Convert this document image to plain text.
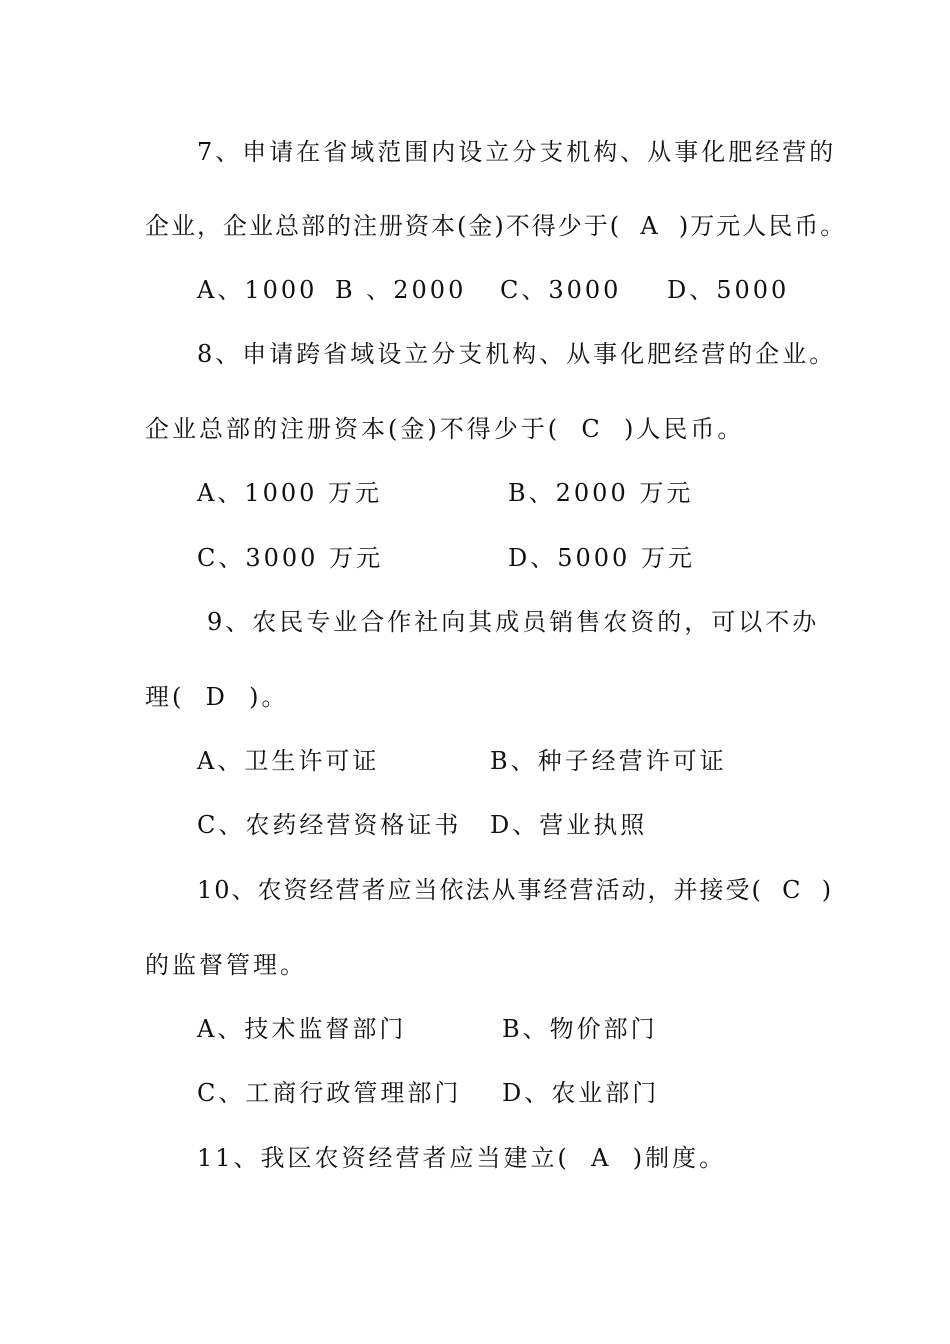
7、申请在省域范围内设立分支机构、从事化肥经营的
企业，企业总部的注册资本(金)不得少于(  A  )万元人民币。
A、1000 B 、2000 C、3000 D、5000
8、申请跨省域设立分支机构、从事化肥经营的企业。
企业总部的注册资本(金)不得少于(  C  )人民币。
A、1000 万元	B、2000 万元
C、3000 万元	D、5000 万元
9、农民专业合作社向其成员销售农资的，可以不办
理(  D  )。
A、卫生许可证	B、种子经营许可证
C、农药经营资格证书 D、营业执照
10、农资经营者应当依法从事经营活动，并接受(  C  )
的监督管理。
A、技术监督部门	B、物价部门
C、工商行政管理部门 D、农业部门
11、我区农资经营者应当建立(  A  )制度。
